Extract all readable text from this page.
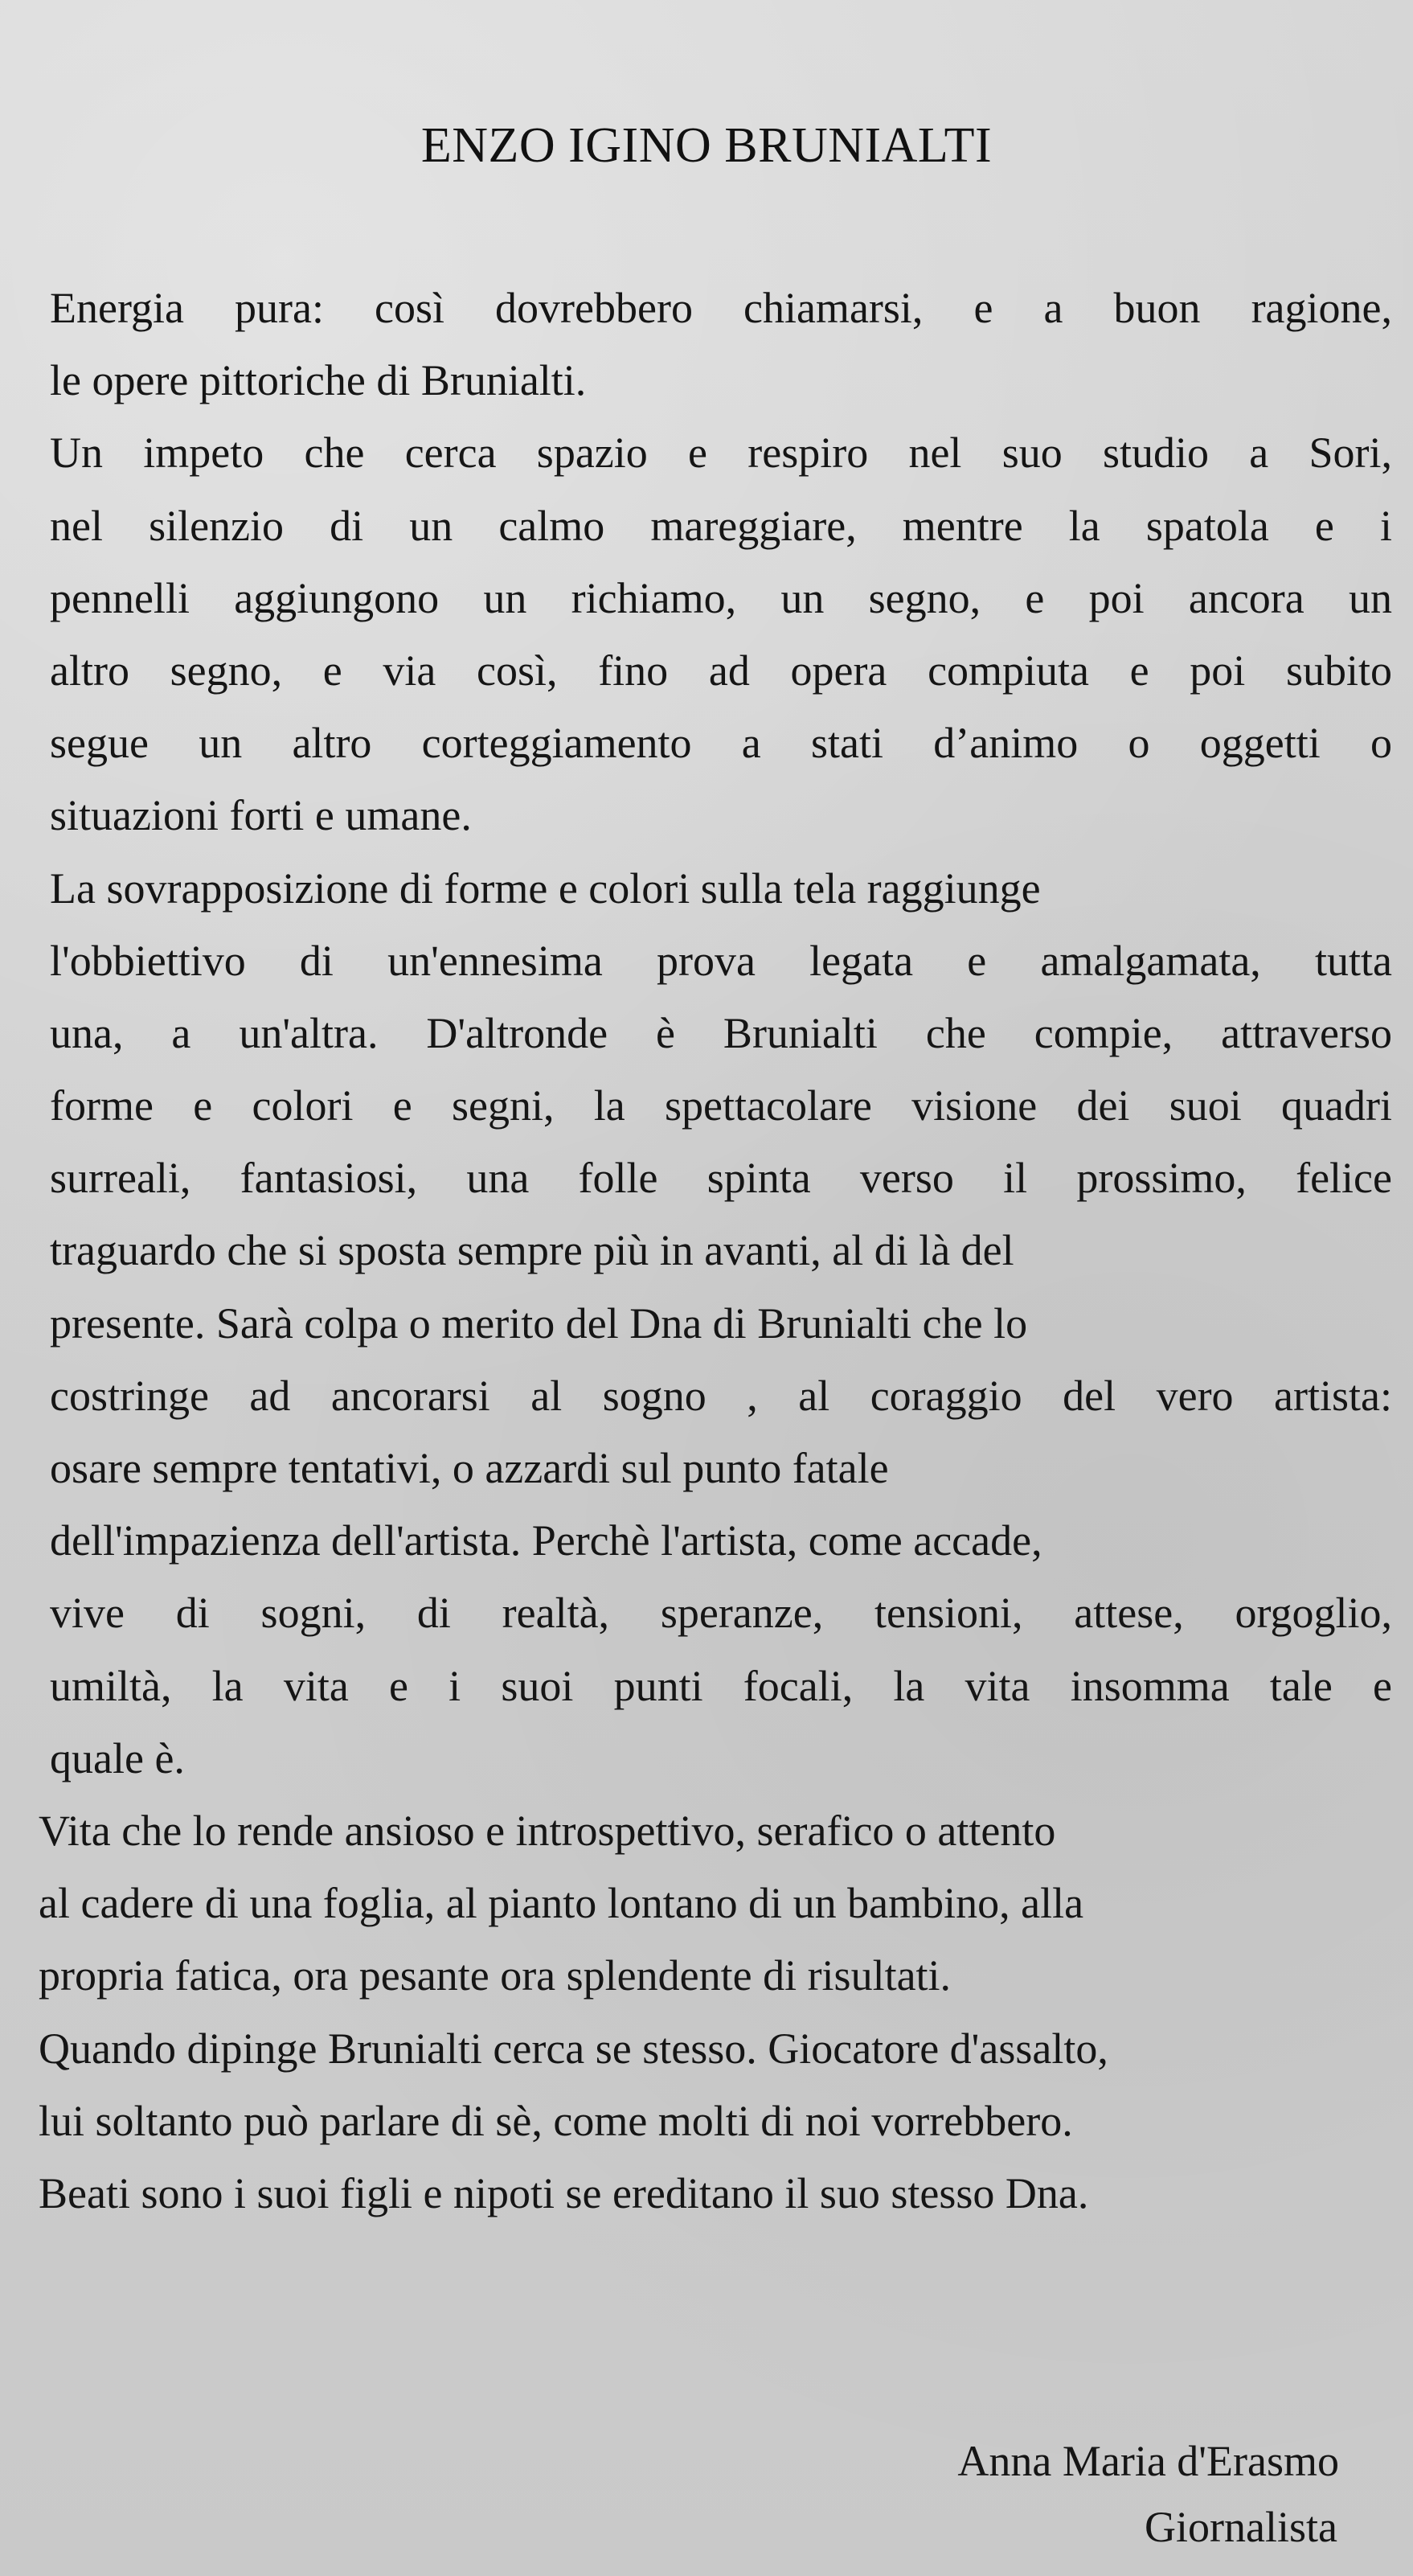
ENZO IGINO BRUNIALTI
Energia pura: così dovrebbero chiamarsi, e a buon ragione,
le opere pittoriche di Brunialti.
Un impeto che cerca spazio e respiro nel suo studio a Sori,
nel silenzio di un calmo mareggiare, mentre la spatola e i
pennelli aggiungono un richiamo, un segno, e poi ancora un
altro segno, e via così, fino ad opera compiuta e poi subito
segue un altro corteggiamento a stati d’animo o oggetti o
situazioni forti e umane.
La sovrapposizione di forme e colori sulla tela raggiunge
l'obbiettivo di un'ennesima prova legata e amalgamata, tutta
una, a un'altra. D'altronde è Brunialti che compie, attraverso
forme e colori e segni, la spettacolare visione dei suoi quadri
surreali, fantasiosi, una folle spinta verso il prossimo, felice
traguardo che si sposta sempre più in avanti, al di là del
presente. Sarà colpa o merito del Dna di Brunialti che lo
costringe ad ancorarsi al sogno , al coraggio del vero artista:
osare sempre tentativi, o azzardi sul punto fatale
dell'impazienza dell'artista. Perchè l'artista, come accade,
vive di sogni, di realtà, speranze, tensioni, attese, orgoglio,
umiltà, la vita e i suoi punti focali, la vita insomma tale e
quale è.
Vita che lo rende ansioso e introspettivo, serafico o attento
al cadere di una foglia, al pianto lontano di un bambino, alla
propria fatica, ora pesante ora splendente di risultati.
Quando dipinge Brunialti cerca se stesso. Giocatore d'assalto,
lui soltanto può parlare di sè, come molti di noi vorrebbero.
Beati sono i suoi figli e nipoti se ereditano il suo stesso Dna.
Anna Maria d'Erasmo
Giornalista
